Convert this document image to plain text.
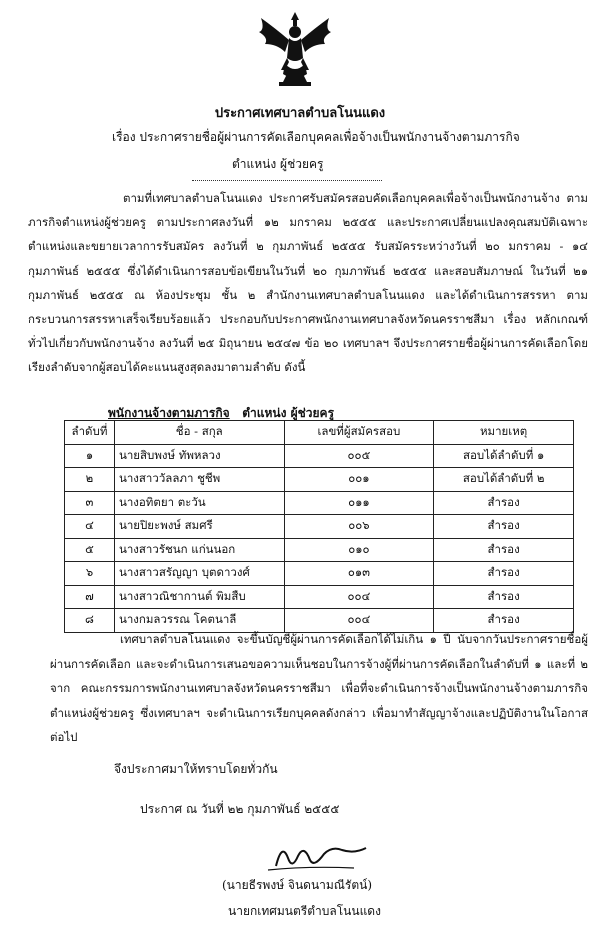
ประกาศเทศบาลตำบลโนนแดง
เรื่อง ประกาศรายชื่อผู้ผ่านการคัดเลือกบุคคลเพื่อจ้างเป็นพนักงานจ้างตามภารกิจ
ตำแหน่ง ผู้ช่วยครู
ตามที่เทศบาลตำบลโนนแดง ประกาศรับสมัครสอบคัดเลือกบุคคลเพื่อจ้างเป็นพนักงานจ้าง ตามภารกิจตำแหน่งผู้ช่วยครู ตามประกาศลงวันที่ ๑๒ มกราคม ๒๕๕๕ และประกาศเปลี่ยนแปลงคุณสมบัติเฉพาะตำแหน่งและขยายเวลาการรับสมัคร ลงวันที่ ๒ กุมภาพันธ์ ๒๕๕๕ รับสมัครระหว่างวันที่ ๒๐ มกราคม - ๑๔ กุมภาพันธ์ ๒๕๕๕ ซึ่งได้ดำเนินการสอบข้อเขียนในวันที่ ๒๐ กุมภาพันธ์ ๒๕๕๕ และสอบสัมภาษณ์ ในวันที่ ๒๑ กุมภาพันธ์ ๒๕๕๕ ณ ห้องประชุม ชั้น ๒ สำนักงานเทศบาลตำบลโนนแดง และได้ดำเนินการสรรหา ตามกระบวนการสรรหาเสร็จเรียบร้อยแล้ว ประกอบกับประกาศพนักงานเทศบาลจังหวัดนครราชสีมา เรื่อง หลักเกณฑ์ทั่วไปเกี่ยวกับพนักงานจ้าง ลงวันที่ ๒๕ มิถุนายน ๒๕๔๗ ข้อ ๒๐ เทศบาลฯ จึงประกาศรายชื่อผู้ผ่านการคัดเลือกโดยเรียงลำดับจากผู้สอบได้คะแนนสูงสุดลงมาตามลำดับ ดังนี้
พนักงานจ้างตามภารกิจ ตำแหน่ง ผู้ช่วยครู
ลำดับที่	ชื่อ - สกุล	เลขที่ผู้สมัครสอบ	หมายเหตุ
๑	นายสิบพงษ์ ทัพหลวง	๐๐๕	สอบได้ลำดับที่ ๑
๒	นางสาววัลลภา ชูชีพ	๐๐๑	สอบได้ลำดับที่ ๒
๓	นางอทิตยา ตะวัน	๐๑๑	สำรอง
๔	นายปิยะพงษ์ สมศรี	๐๐๖	สำรอง
๕	นางสาวรัชนก แก่นนอก	๐๑๐	สำรอง
๖	นางสาวสรัญญา บุตดาวงศ์	๐๑๓	สำรอง
๗	นางสาวณิชากานต์ พิมสืบ	๐๐๔	สำรอง
๘	นางกมลวรรณ โคตนาลี	๐๐๔	สำรอง
เทศบาลตำบลโนนแดง จะขึ้นบัญชีผู้ผ่านการคัดเลือกได้ไม่เกิน ๑ ปี นับจากวันประกาศรายชื่อผู้ผ่านการคัดเลือก และจะดำเนินการเสนอขอความเห็นชอบในการจ้างผู้ที่ผ่านการคัดเลือกในลำดับที่ ๑ และที่ ๒ จาก คณะกรรมการพนักงานเทศบาลจังหวัดนครราชสีมา เพื่อที่จะดำเนินการจ้างเป็นพนักงานจ้างตามภารกิจ ตำแหน่งผู้ช่วยครู ซึ่งเทศบาลฯ จะดำเนินการเรียกบุคคลดังกล่าว เพื่อมาทำสัญญาจ้างและปฏิบัติงานในโอกาสต่อไป
จึงประกาศมาให้ทราบโดยทั่วกัน
ประกาศ ณ วันที่ ๒๒ กุมภาพันธ์ ๒๕๕๕
(นายธีรพงษ์ จินดนามณีรัตน์)
นายกเทศมนตรีตำบลโนนแดง
